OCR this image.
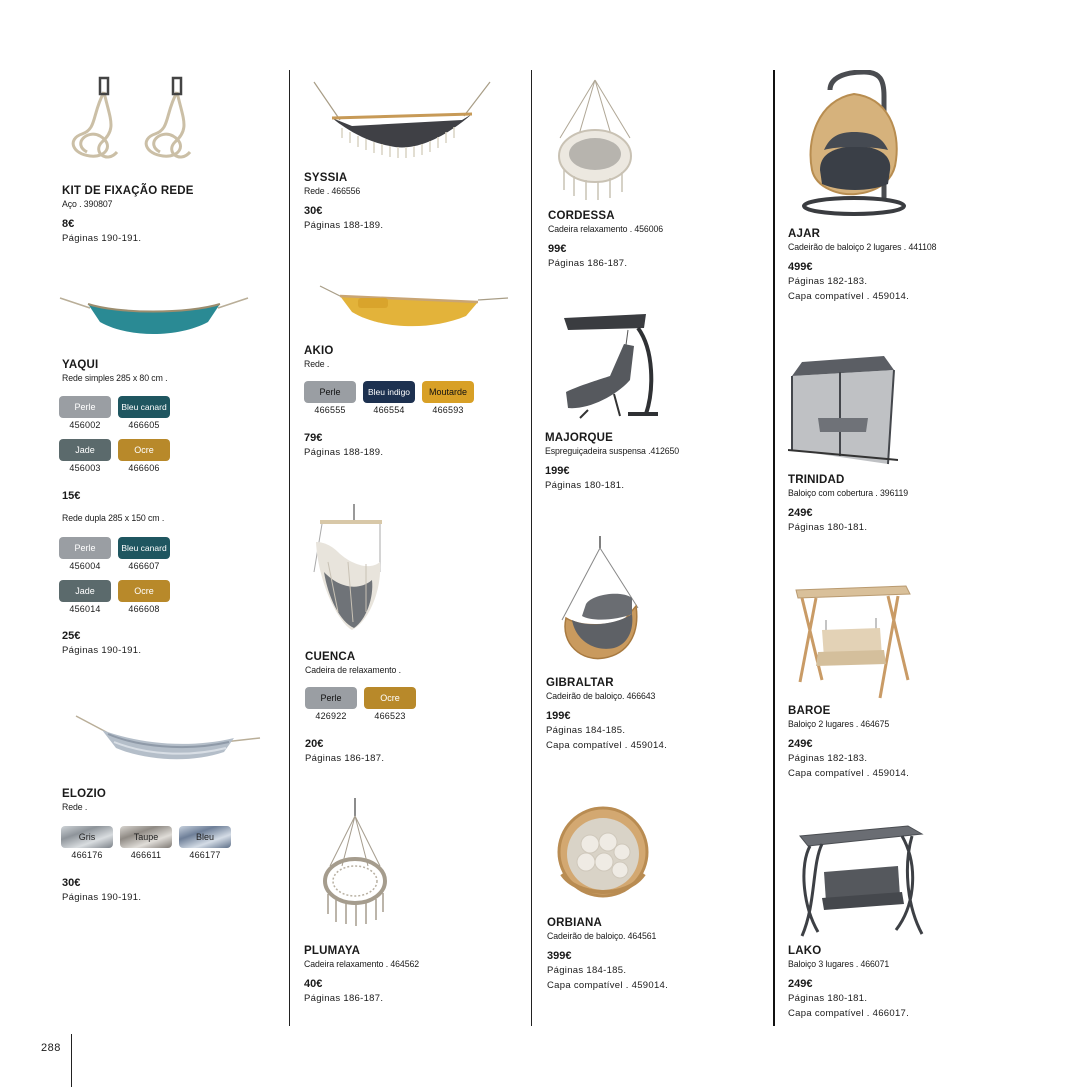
288
KIT DE FIXAÇÃO REDE
Aço . 390807
8€
Páginas 190-191.
YAQUI
Rede simples 285 x 80 cm .
Perle
456002
Bleu canard
466605
Jade
456003
Ocre
466606
15€
Rede dupla 285 x 150 cm .
Perle
456004
Bleu canard
466607
Jade
456014
Ocre
466608
25€
Páginas 190-191.
ELOZIO
Rede .
Gris
466176
Taupe
466611
Bleu
466177
30€
Páginas 190-191.
SYSSIA
Rede . 466556
30€
Páginas 188-189.
AKIO
Rede .
Perle
466555
Bleu indigo
466554
Moutarde
466593
79€
Páginas 188-189.
CUENCA
Cadeira de relaxamento .
Perle
426922
Ocre
466523
20€
Páginas 186-187.
PLUMAYA
Cadeira relaxamento . 464562
40€
Páginas 186-187.
CORDESSA
Cadeira relaxamento . 456006
99€
Páginas 186-187.
MAJORQUE
Espreguiçadeira suspensa .412650
199€
Páginas 180-181.
GIBRALTAR
Cadeirão de baloiço. 466643
199€
Páginas 184-185.
Capa compatível . 459014.
ORBIANA
Cadeirão de baloiço. 464561
399€
Páginas 184-185.
Capa compatível . 459014.
AJAR
Cadeirão de baloiço 2 lugares . 441108
499€
Páginas 182-183.
Capa compatível . 459014.
TRINIDAD
Baloiço com cobertura . 396119
249€
Páginas 180-181.
BAROE
Baloiço 2 lugares . 464675
249€
Páginas 182-183.
Capa compatível . 459014.
LAKO
Baloiço 3 lugares . 466071
249€
Páginas 180-181.
Capa compatível . 466017.
